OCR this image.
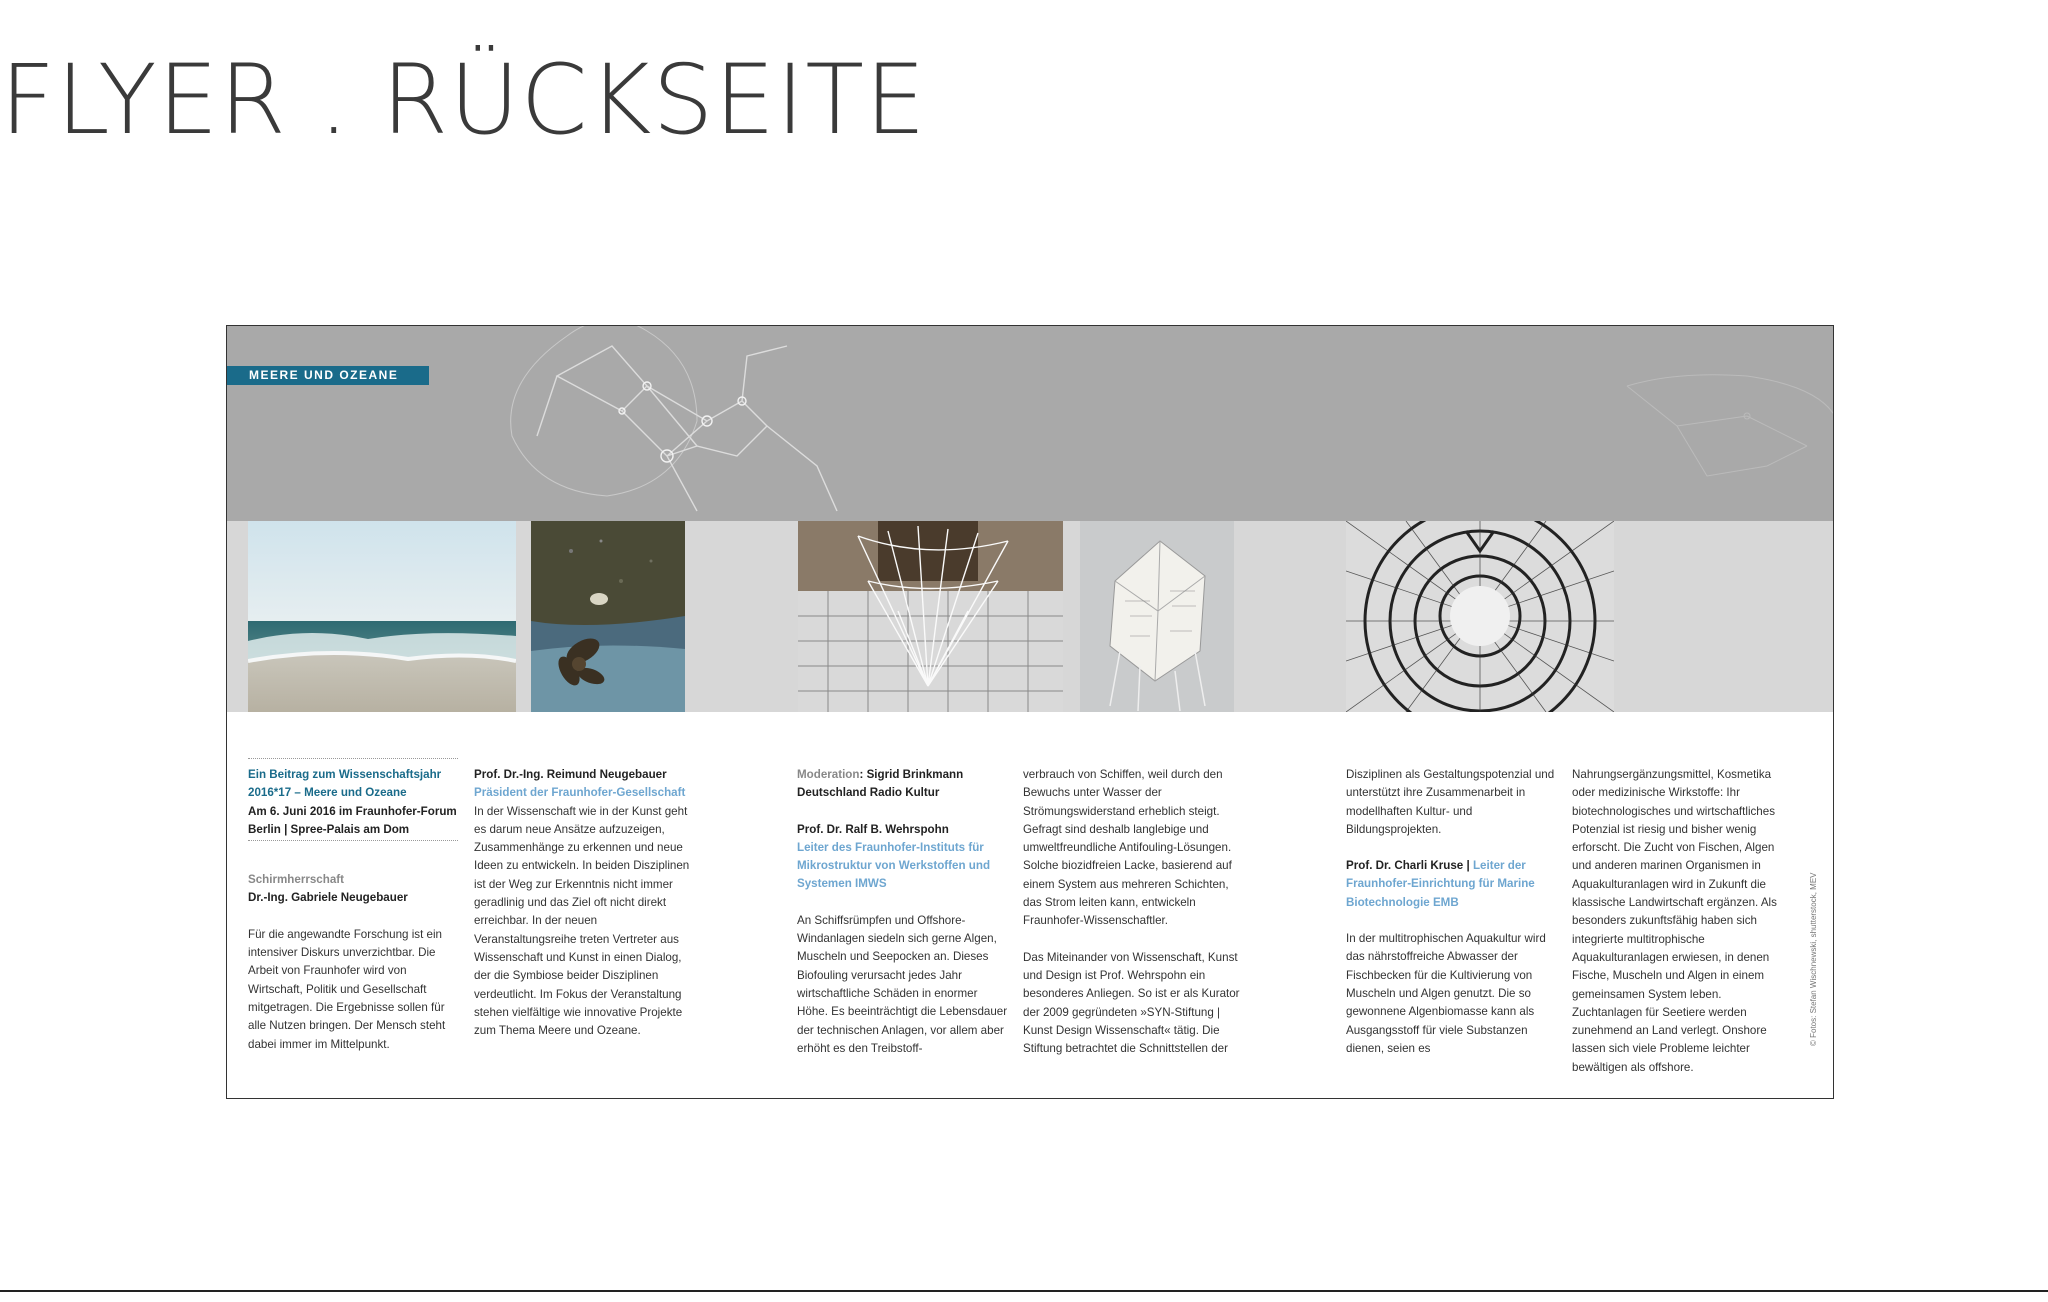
FLYER . RÜCKSEITE
MEERE UND OZEANE

Ein Beitrag zum Wissenschaftsjahr 2016*17 – Meere und Ozeane

Am 6. Juni 2016 im Fraunhofer-Forum Berlin | Spree-Palais am Dom

Schirmherrschaft

Dr.-Ing. Gabriele Neugebauer

Für die angewandte Forschung ist ein intensiver Diskurs unverzichtbar. Die Arbeit von Fraunhofer wird von Wirtschaft, Politik und Gesellschaft mitgetragen. Die Ergebnisse sollen für alle Nutzen bringen. Der Mensch steht dabei immer im Mittelpunkt.

Prof. Dr.-Ing. Reimund Neugebauer

Präsident der Fraunhofer-Gesellschaft

In der Wissenschaft wie in der Kunst geht es darum neue Ansätze aufzuzeigen, Zusammenhänge zu erkennen und neue Ideen zu entwickeln. In beiden Disziplinen ist der Weg zur Erkenntnis nicht immer geradlinig und das Ziel oft nicht direkt erreichbar. In der neuen Veranstaltungsreihe treten Vertreter aus Wissenschaft und Kunst in einen Dialog, der die Symbiose beider Disziplinen verdeutlicht. Im Fokus der Veranstaltung stehen vielfältige wie innovative Projekte zum Thema Meere und Ozeane.

Moderation: Sigrid Brinkmann

Deutschland Radio Kultur

Prof. Dr. Ralf B. Wehrspohn

Leiter des Fraunhofer-Instituts für Mikrostruktur von Werkstoffen und Systemen IMWS

An Schiffsrümpfen und Offshore-Windanlagen siedeln sich gerne Algen, Muscheln und Seepocken an. Dieses Biofouling verursacht jedes Jahr wirtschaftliche Schäden in enormer Höhe. Es beeinträchtigt die Lebensdauer der technischen Anlagen, vor allem aber erhöht es den Treibstoff-

verbrauch von Schiffen, weil durch den Bewuchs unter Wasser der Strömungswiderstand erheblich steigt. Gefragt sind deshalb langlebige und umweltfreundliche Antifouling-Lösungen. Solche biozidfreien Lacke, basierend auf einem System aus mehreren Schichten, das Strom leiten kann, entwickeln Fraunhofer-Wissenschaftler.

Das Miteinander von Wissenschaft, Kunst und Design ist Prof. Wehrspohn ein besonderes Anliegen. So ist er als Kurator der 2009 gegründeten »SYN-Stiftung | Kunst Design Wissenschaft« tätig. Die Stiftung betrachtet die Schnittstellen der

Disziplinen als Gestaltungspotenzial und unterstützt ihre Zusammenarbeit in modellhaften Kultur- und Bildungsprojekten.

Prof. Dr. Charli Kruse | Leiter der Fraunhofer-Einrichtung für Marine Biotechnologie EMB

In der multitrophischen Aquakultur wird das nährstoffreiche Abwasser der Fischbecken für die Kultivierung von Muscheln und Algen genutzt. Die so gewonnene Algenbiomasse kann als Ausgangsstoff für viele Substanzen dienen, seien es

Nahrungsergänzungsmittel, Kosmetika oder medizinische Wirkstoffe: Ihr biotechnologisches und wirtschaftliches Potenzial ist riesig und bisher wenig erforscht. Die Zucht von Fischen, Algen und anderen marinen Organismen in Aquakulturanlagen wird in Zukunft die klassische Landwirtschaft ergänzen. Als besonders zukunftsfähig haben sich integrierte multitrophische Aquakulturanlagen erwiesen, in denen Fische, Muscheln und Algen in einem gemeinsamen System leben. Zuchtanlagen für Seetiere werden zunehmend an Land verlegt. Onshore lassen sich viele Probleme leichter bewältigen als offshore.

© Fotos: Stefan Wischnewski, shutterstock, MEV
